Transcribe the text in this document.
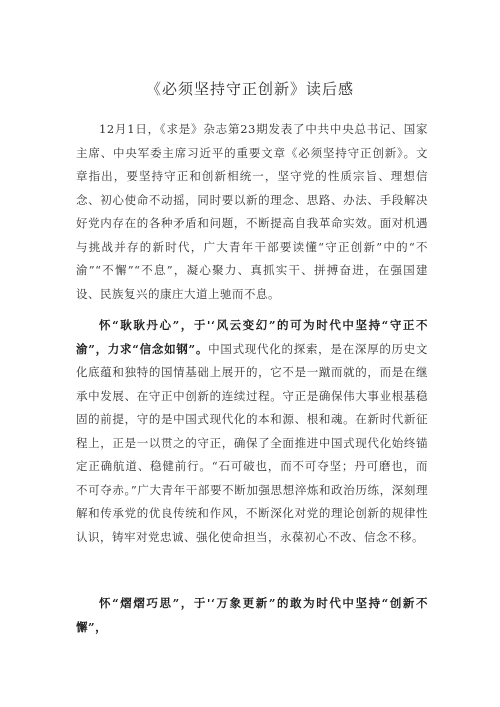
《必须坚持守正创新》读后感

12月1日，《求是》杂志第23期发表了中共中央总书记、国家主席、中央军委主席习近平的重要文章《必须坚持守正创新》。文章指出，要坚持守正和创新相统一，坚守党的性质宗旨、理想信念、初心使命不动摇，同时要以新的理念、思路、办法、手段解决好党内存在的各种矛盾和问题，不断提高自我革命实效。面对机遇与挑战并存的新时代，广大青年干部要读懂“守正创新”中的“不渝”“不懈”“不息”，凝心聚力、真抓实干、拼搏奋进，在强国建设、民族复兴的康庄大道上驰而不息。

怀“耿耿丹心”，于'‘风云变幻”的可为时代中坚持“守正不渝”，力求“信念如钢”。中国式现代化的探索，是在深厚的历史文化底蕴和独特的国情基础上展开的，它不是一蹴而就的，而是在继承中发展、在守正中创新的连续过程。守正是确保伟大事业根基稳固的前提，守的是中国式现代化的本和源、根和魂。在新时代新征程上，正是一以贯之的守正，确保了全面推进中国式现代化始终锚定正确航道、稳健前行。“石可破也，而不可夺坚；丹可磨也，而不可夺赤。”广大青年干部要不断加强思想淬炼和政治历练，深刻理解和传承党的优良传统和作风，不断深化对党的理论创新的规律性认识，铸牢对党忠诚、强化使命担当，永葆初心不改、信念不移。

怀“熠熠巧思”，于'‘万象更新”的敢为时代中坚持“创新不懈”，
